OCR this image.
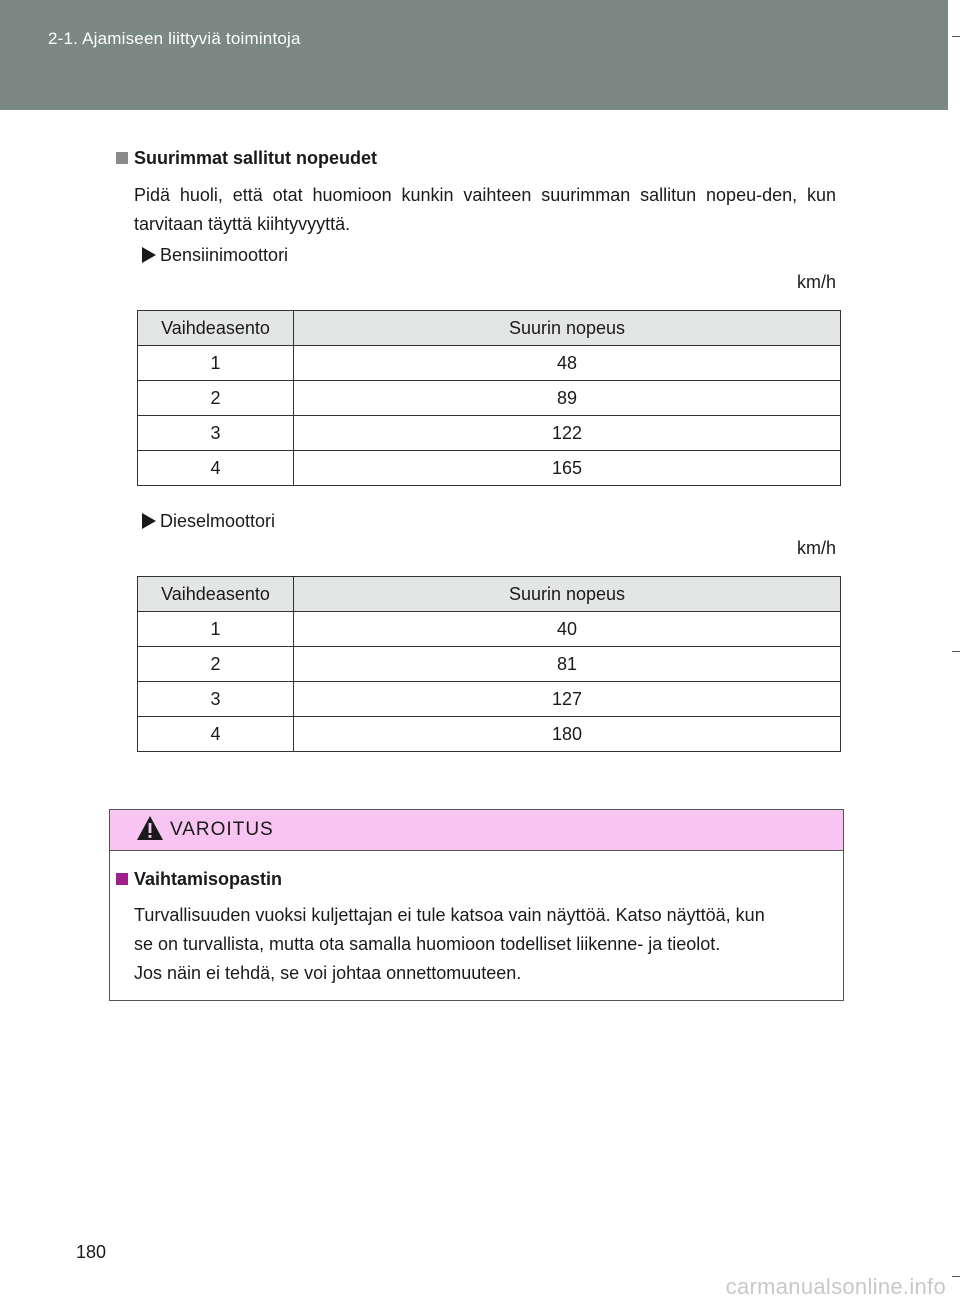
2-1. Ajamiseen liittyviä toimintoja
Suurimmat sallitut nopeudet
Pidä huoli, että otat huomioon kunkin vaihteen suurimman sallitun nopeu-den, kun tarvitaan täyttä kiihtyvyyttä.
Bensiinimoottori
km/h
Vaihdeasento	Suurin nopeus
1	48
2	89
3	122
4	165
Dieselmoottori
km/h
Vaihdeasento	Suurin nopeus
1	40
2	81
3	127
4	180
VAROITUS
Vaihtamisopastin
Turvallisuuden vuoksi kuljettajan ei tule katsoa vain näyttöä. Katso näyttöä, kun
se on turvallista, mutta ota samalla huomioon todelliset liikenne- ja tieolot.
Jos näin ei tehdä, se voi johtaa onnettomuuteen.
180
carmanualsonline.info
